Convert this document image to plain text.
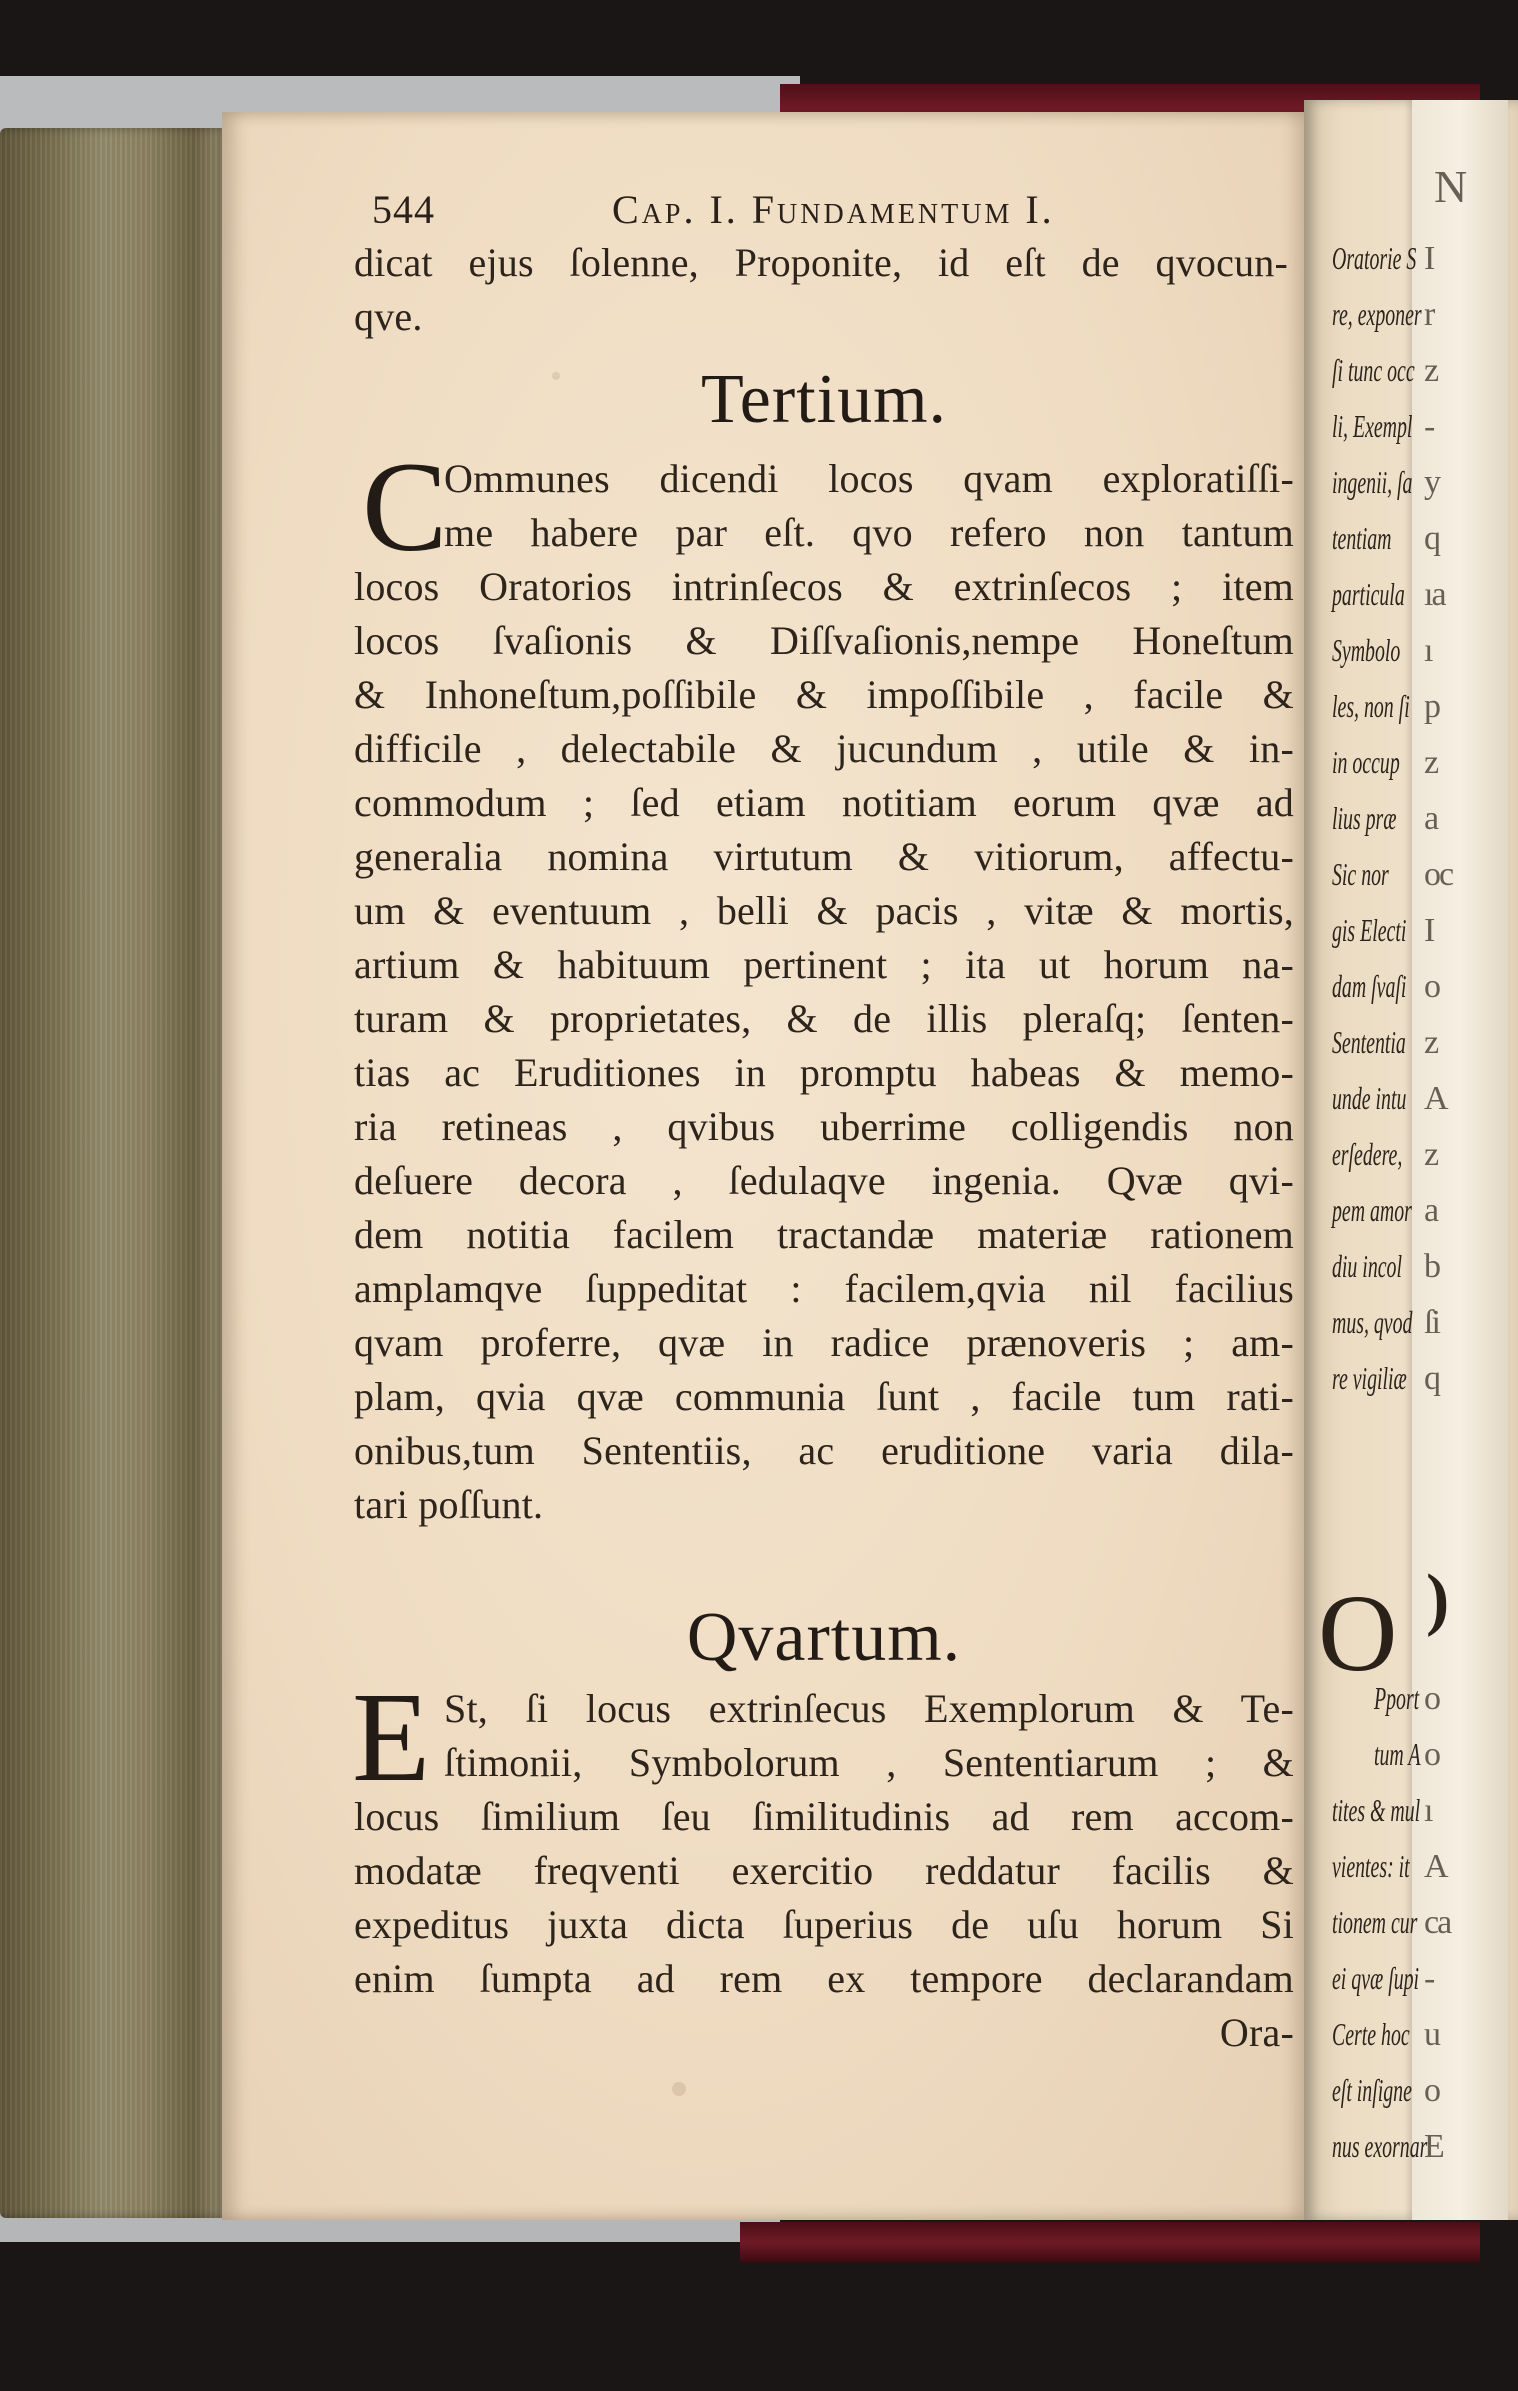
N
Oratorie S I
re, exponer r
ſi tunc occ z
li, Exempl -
ingenii, ſa y
tentiam q
particula ıa
Symbolo ı
les, non ſi p
in occup z
lius præ a
Sic nor oc
gis Electi I
dam ſvaſi o
Sententia z
unde intu A
erſedere, z
pem amor a
diu incol b
mus, qvod ſi
re vigiliæ q
Pport o
tum A o
tites & mul ı
vientes: it A
tionem cur ca
ei qvæ ſupi -
Certe hoc u
eſt inſigne o
nus exornar
E
O )
544	Cap. I. Fundamentum I.
dicat ejus ſolenne, Proponite, id eſt de qvocun-
qve.
Tertium.
C
Ommunes dicendi locos qvam exploratiſſi-
me habere par eſt. qvo refero non tantum
locos Oratorios intrinſecos & extrinſecos ; item
locos ſvaſionis & Diſſvaſionis,nempe Honeſtum
& Inhoneſtum,poſſibile & impoſſibile , facile &
difficile , delectabile & jucundum , utile & in-
commodum ; ſed etiam notitiam eorum qvæ ad
generalia nomina virtutum & vitiorum, affectu-
um & eventuum , belli & pacis , vitæ & mortis,
artium & habituum pertinent ; ita ut horum na-
turam & proprietates, & de illis pleraſq; ſenten-
tias ac Eruditiones in promptu habeas & memo-
ria retineas , qvibus uberrime colligendis non
deſuere decora , ſedulaqve ingenia. Qvæ qvi-
dem notitia facilem tractandæ materiæ rationem
amplamqve ſuppeditat : facilem,qvia nil facilius
qvam proferre, qvæ in radice prænoveris ; am-
plam, qvia qvæ communia ſunt , facile tum rati-
onibus,tum Sententiis, ac eruditione varia dila-
tari poſſunt.
Qvartum.
E St, ſi locus extrinſecus Exemplorum & Te-
ſtimonii, Symbolorum , Sententiarum ; &
locus ſimilium ſeu ſimilitudinis ad rem accom-
modatæ freqventi exercitio reddatur facilis &
expeditus juxta dicta ſuperius de uſu horum Si
enim ſumpta ad rem ex tempore declarandam
Ora-
